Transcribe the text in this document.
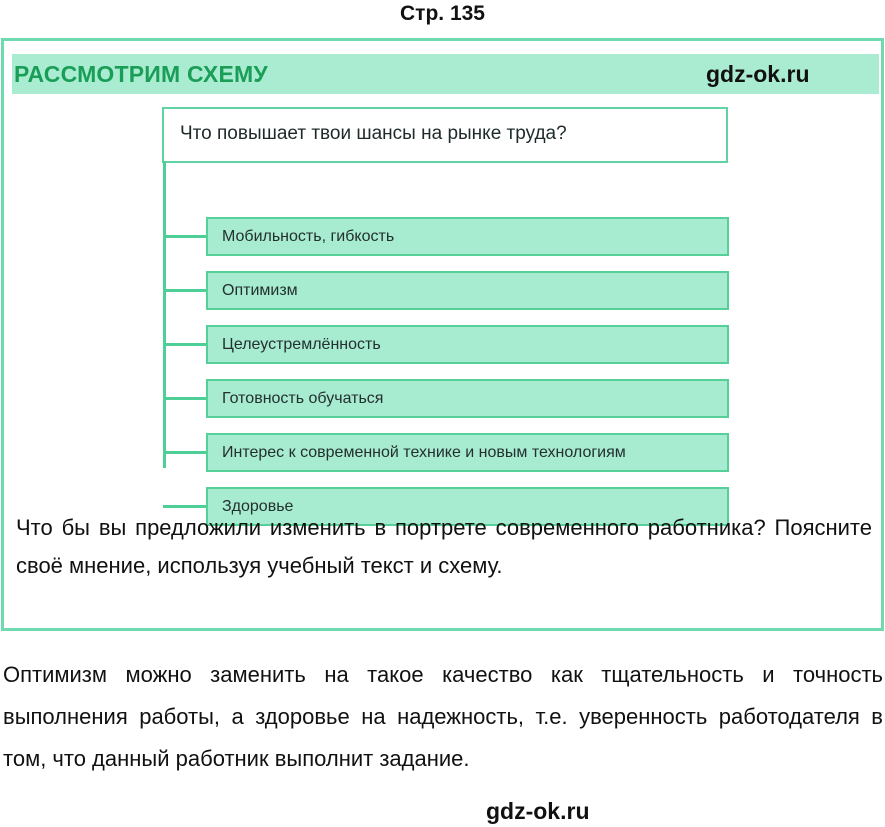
Стр. 135
РАССМОТРИМ СХЕМУ	gdz-ok.ru
Что повышает твои шансы на рынке труда?
Мобильность, гибкость
Оптимизм
Целеустремлённость
Готовность обучаться
Интерес к современной технике и новым технологиям
Здоровье
Что бы вы предложили изменить в портрете современного работника? Поясните своё мнение, используя учебный текст и схему.
Оптимизм можно заменить на такое качество как тщательность и точность выполнения работы, а здоровье на надежность, т.е. уверенность работодателя в том, что данный работник выполнит задание.
gdz-ok.ru
